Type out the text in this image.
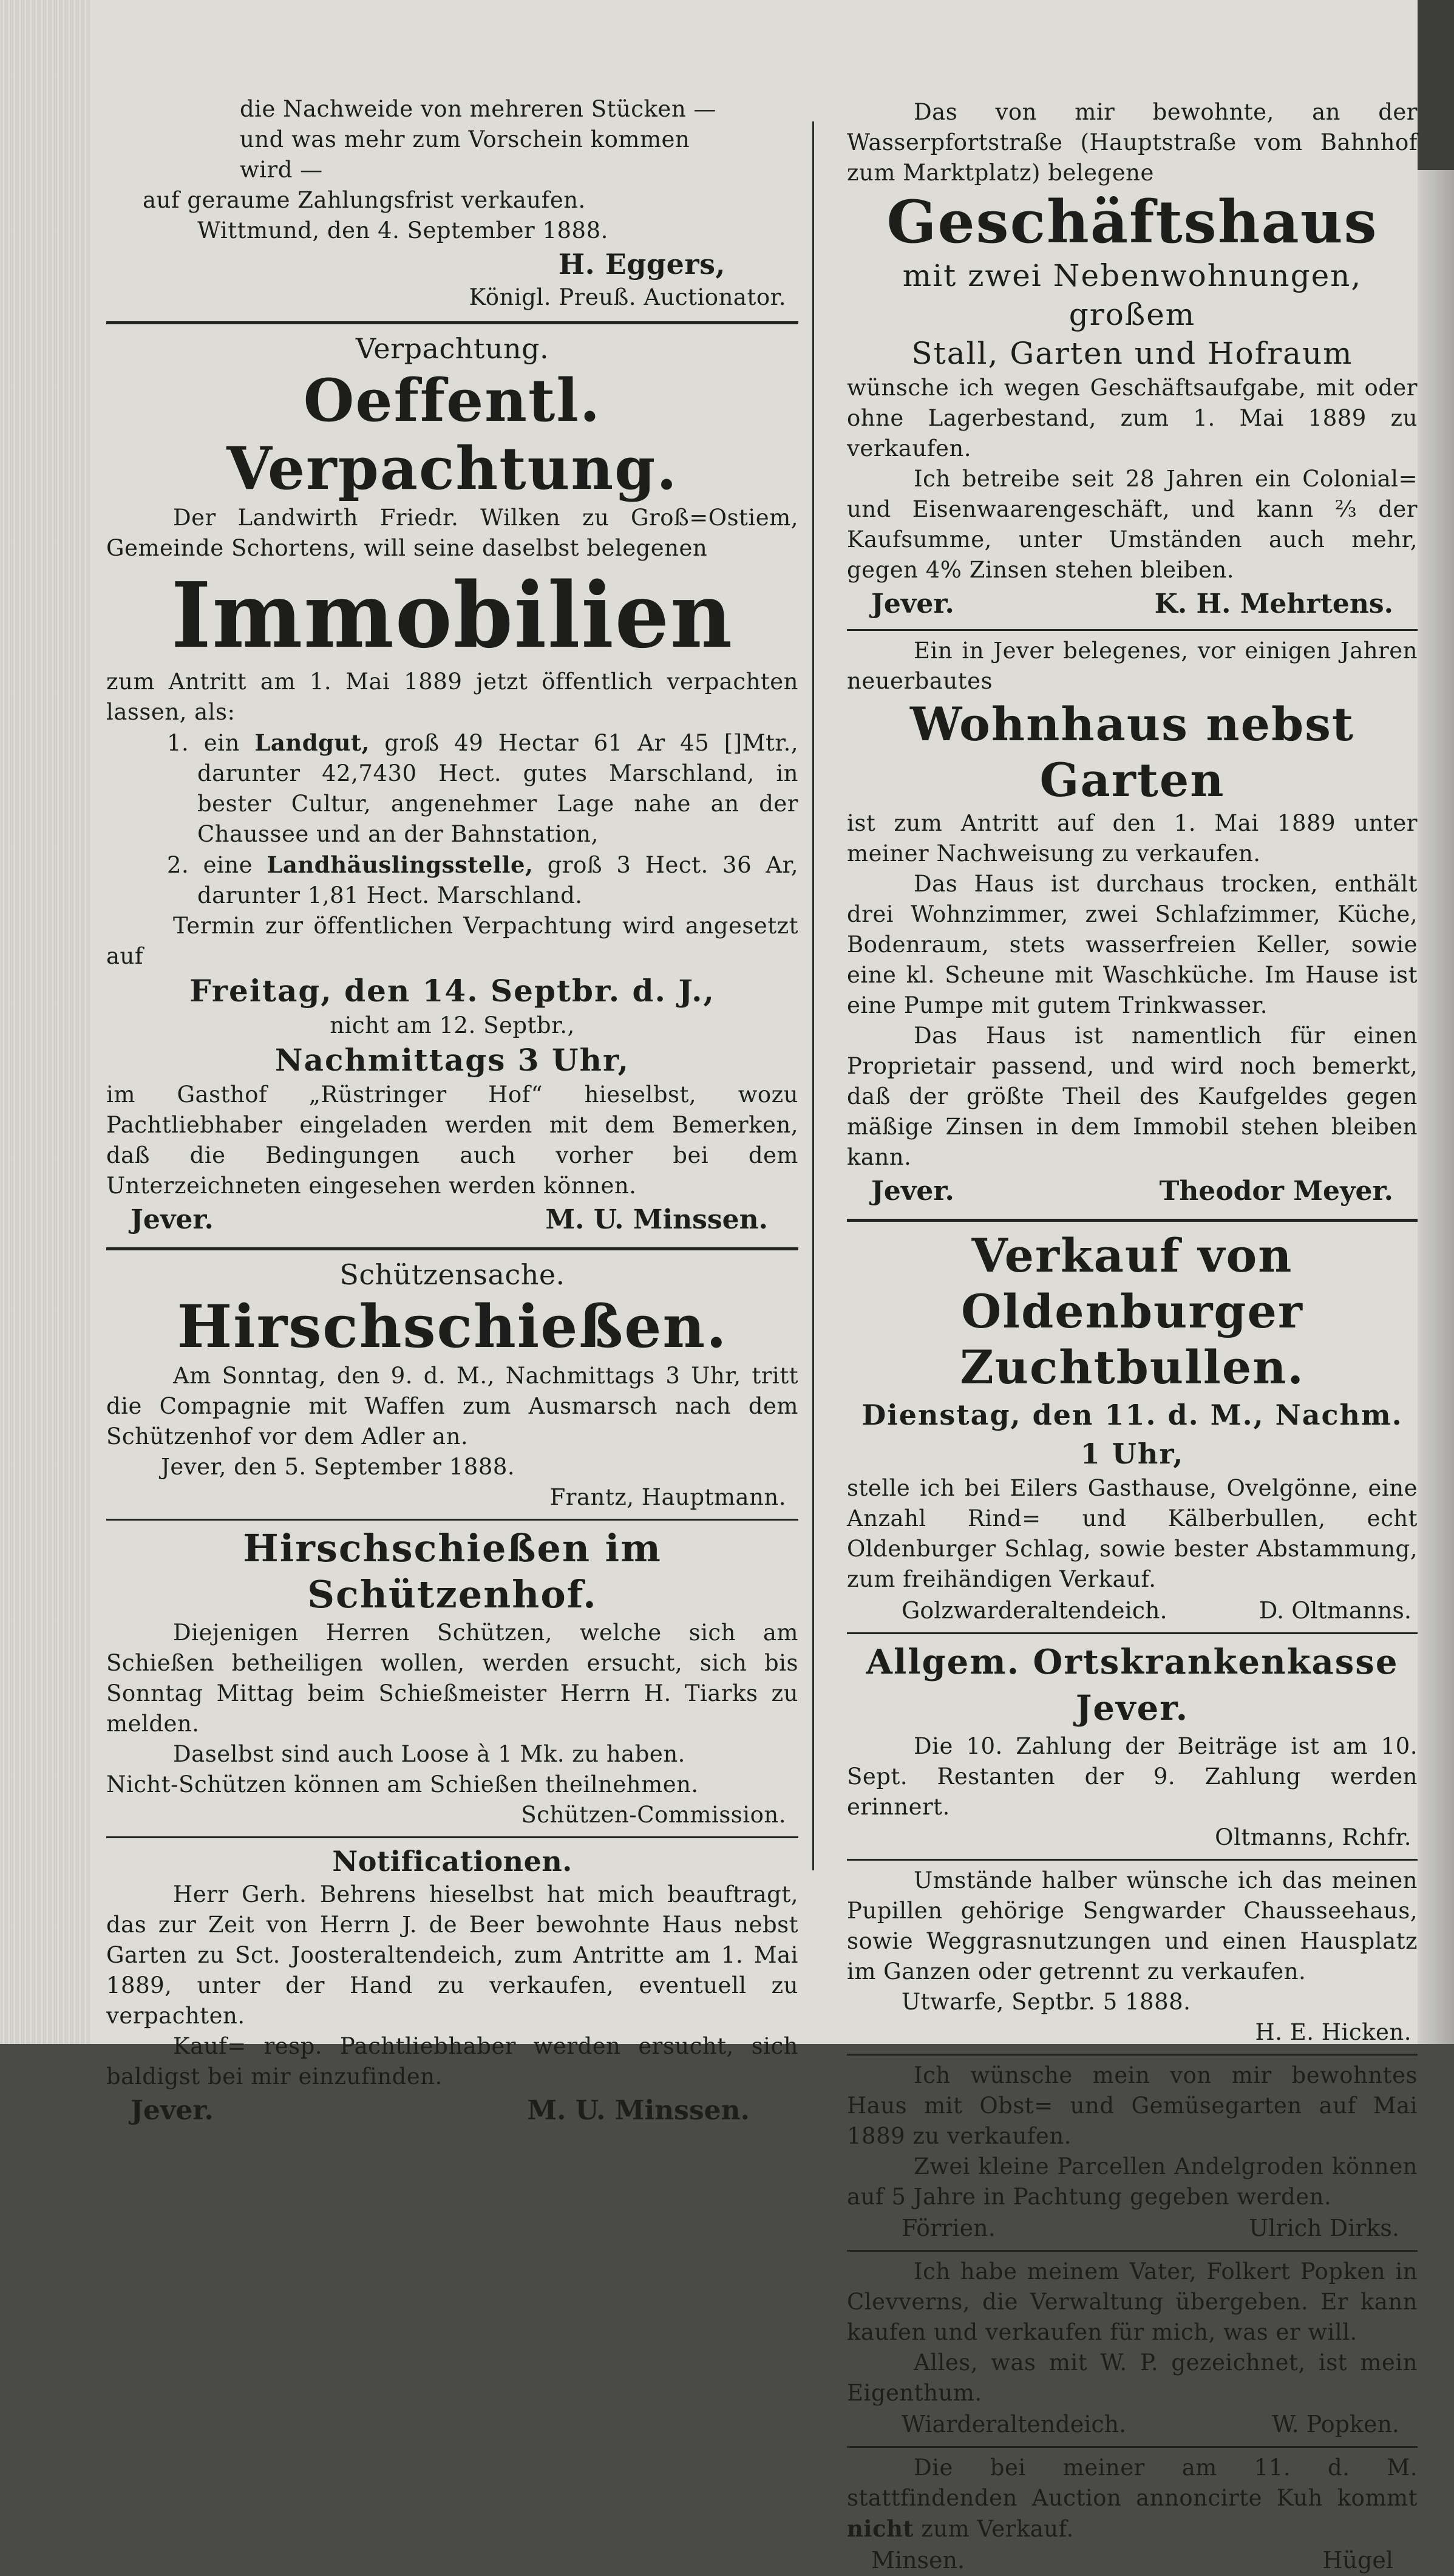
die Nachweide von mehreren Stücken —

und was mehr zum Vorschein kommen

wird —

auf geraume Zahlungsfrist verkaufen.

Wittmund, den 4. September 1888.

H. Eggers,

Königl. Preuß. Auctionator.

Verpachtung.

Oeffentl. Verpachtung.

Der Landwirth Friedr. Wilken zu Groß=Ostiem, Gemeinde Schortens, will seine daselbst belegenen

Immobilien

zum Antritt am 1. Mai 1889 jetzt öffentlich verpachten lassen, als:

1. ein Landgut, groß 49 Hectar 61 Ar 45 []Mtr., darunter 42,7430 Hect. gutes Marschland, in bester Cultur, angenehmer Lage nahe an der Chaussee und an der Bahnstation,

2. eine Landhäuslingsstelle, groß 3 Hect. 36 Ar, darunter 1,81 Hect. Marschland.

Termin zur öffentlichen Verpachtung wird angesetzt auf

Freitag, den 14. Septbr. d. J.,

nicht am 12. Septbr.,

Nachmittags 3 Uhr,

im Gasthof „Rüstringer Hof“ hieselbst, wozu Pachtliebhaber eingeladen werden mit dem Bemerken, daß die Bedingungen auch vorher bei dem Unterzeichneten eingesehen werden können.

Jever.	M. U. Minssen.

Schützensache.

Hirschschießen.

Am Sonntag, den 9. d. M., Nachmittags 3 Uhr, tritt die Compagnie mit Waffen zum Ausmarsch nach dem Schützenhof vor dem Adler an.

Jever, den 5. September 1888.

Frantz, Hauptmann.

Hirschschießen im Schützenhof.

Diejenigen Herren Schützen, welche sich am Schießen betheiligen wollen, werden ersucht, sich bis Sonntag Mittag beim Schießmeister Herrn H. Tiarks zu melden.

Daselbst sind auch Loose à 1 Mk. zu haben.

Nicht-Schützen können am Schießen theilnehmen.

Schützen-Commission.

Notificationen.

Herr Gerh. Behrens hieselbst hat mich beauftragt, das zur Zeit von Herrn J. de Beer bewohnte Haus nebst Garten zu Sct. Joosteraltendeich, zum Antritte am 1. Mai 1889, unter der Hand zu verkaufen, eventuell zu verpachten.

Kauf= resp. Pachtliebhaber werden ersucht, sich baldigst bei mir einzufinden.

Jever.	M. U. Minssen.

Das von mir bewohnte, an der Wasserpfortstraße (Hauptstraße vom Bahnhof zum Marktplatz) belegene

Geschäftshaus

mit zwei Nebenwohnungen, großem

Stall, Garten und Hofraum

wünsche ich wegen Geschäftsaufgabe, mit oder ohne Lagerbestand, zum 1. Mai 1889 zu verkaufen.

Ich betreibe seit 28 Jahren ein Colonial= und Eisenwaarengeschäft, und kann ⅔ der Kaufsumme, unter Umständen auch mehr, gegen 4% Zinsen stehen bleiben.

Jever.	K. H. Mehrtens.

Ein in Jever belegenes, vor einigen Jahren neuerbautes

Wohnhaus nebst Garten

ist zum Antritt auf den 1. Mai 1889 unter meiner Nachweisung zu verkaufen.

Das Haus ist durchaus trocken, enthält drei Wohnzimmer, zwei Schlafzimmer, Küche, Bodenraum, stets wasserfreien Keller, sowie eine kl. Scheune mit Waschküche. Im Hause ist eine Pumpe mit gutem Trinkwasser.

Das Haus ist namentlich für einen Proprietair passend, und wird noch bemerkt, daß der größte Theil des Kaufgeldes gegen mäßige Zinsen in dem Immobil stehen bleiben kann.

Jever.	Theodor Meyer.

Verkauf von Oldenburger

Zuchtbullen.

Dienstag, den 11. d. M., Nachm. 1 Uhr,

stelle ich bei Eilers Gasthause, Ovelgönne, eine Anzahl Rind= und Kälberbullen, echt Oldenburger Schlag, sowie bester Abstammung, zum freihändigen Verkauf.

Golzwarderaltendeich.	D. Oltmanns.

Allgem. Ortskrankenkasse Jever.

Die 10. Zahlung der Beiträge ist am 10. Sept. Restanten der 9. Zahlung werden erinnert.

Oltmanns, Rchfr.

Umstände halber wünsche ich das meinen Pupillen gehörige Sengwarder Chausseehaus, sowie Weggrasnutzungen und einen Hausplatz im Ganzen oder getrennt zu verkaufen.

Utwarfe, Septbr. 5 1888.

H. E. Hicken.

Ich wünsche mein von mir bewohntes Haus mit Obst= und Gemüsegarten auf Mai 1889 zu verkaufen.

Zwei kleine Parcellen Andelgroden können auf 5 Jahre in Pachtung gegeben werden.

Förrien.	Ulrich Dirks.

Ich habe meinem Vater, Folkert Popken in Clevverns, die Verwaltung übergeben. Er kann kaufen und verkaufen für mich, was er will.

Alles, was mit W. P. gezeichnet, ist mein Eigenthum.

Wiarderaltendeich.	W. Popken.

Die bei meiner am 11. d. M. stattfindenden Auction annoncirte Kuh kommt nicht zum Verkauf.

Minsen.	Hügel
